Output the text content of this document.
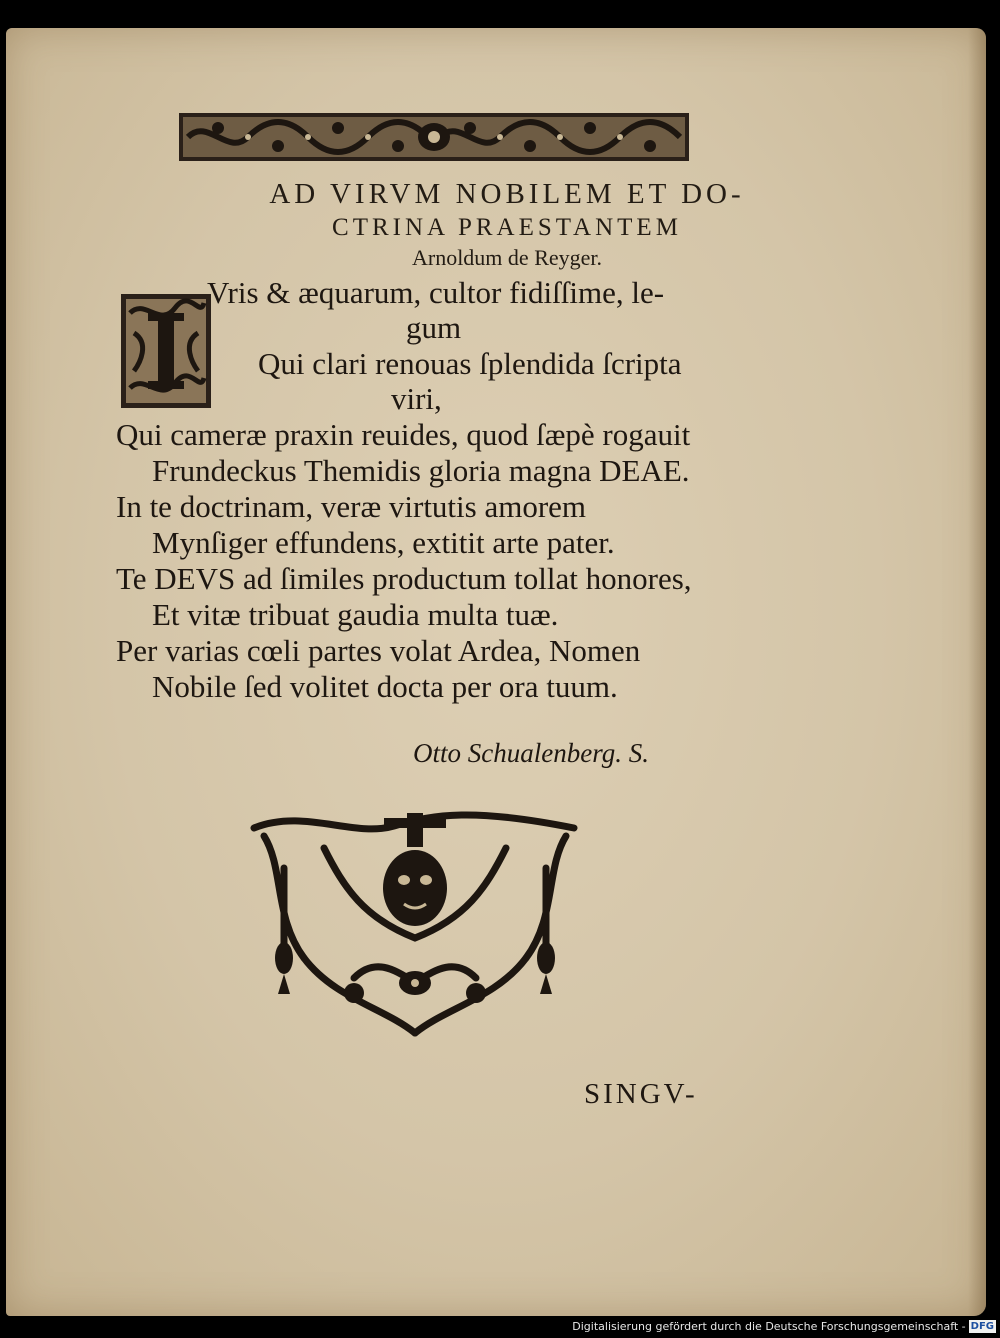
AD VIRVM NOBILEM ET DO-

CTRINA PRAESTANTEM

Arnoldum de Reyger.

Vris & æquarum, cultor fidiſſime, le-
gum
Qui clari renouas ſplendida ſcripta
viri,
Qui cameræ praxin reuides, quod ſæpè rogauit
Frundeckus Themidis gloria magna DEAE.
In te doctrinam, veræ virtutis amorem
Mynſiger effundens, extitit arte pater.
Te DEVS ad ſimiles productum tollat honores,
Et vitæ tribuat gaudia multa tuæ.
Per varias cœli partes volat Ardea, Nomen
Nobile ſed volitet docta per ora tuum.
Otto Schualenberg. S.
SINGV-
Digitalisierung gefördert durch die Deutsche Forschungsgemeinschaft - DFG
